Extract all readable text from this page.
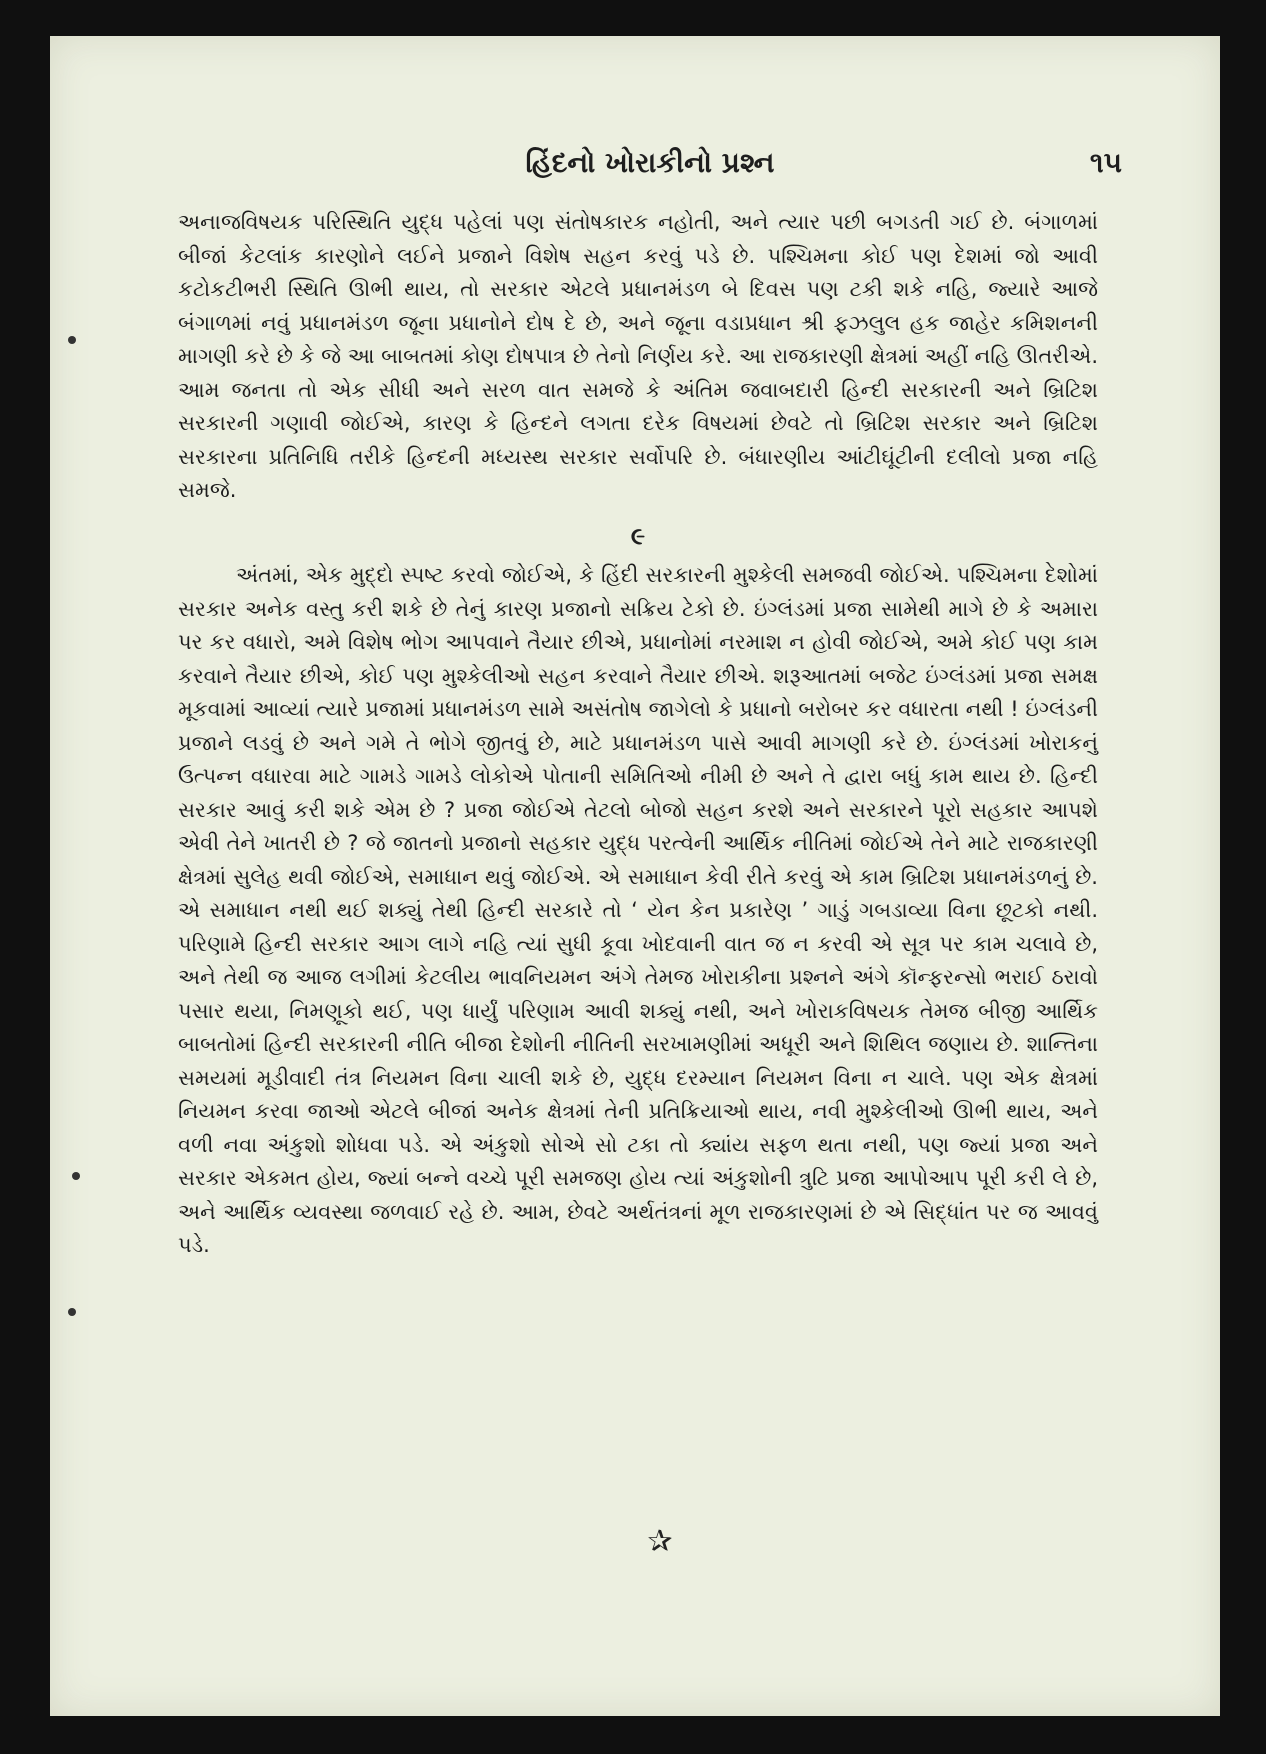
હિંદનો ખોરાકીનો પ્રશ્ન	૧૫

અનાજવિષયક પરિસ્થિતિ યુદ્ધ પહેલાં પણ સંતોષકારક નહોતી, અને ત્યાર પછી બગડતી ગઈ છે. બંગાળમાં બીજાં કેટલાંક કારણોને લઈને પ્રજાને વિશેષ સહન કરવું પડે છે. પશ્ચિમના કોઈ પણ દેશમાં જો આવી કટોકટીભરી સ્થિતિ ઊભી થાય, તો સરકાર એટલે પ્રધાનમંડળ બે દિવસ પણ ટકી શકે નહિ, જ્યારે આજે બંગાળમાં નવું પ્રધાનમંડળ જૂના પ્રધાનોને દોષ દે છે, અને જૂના વડાપ્રધાન શ્રી ફઝલુલ હક જાહેર કમિશનની માગણી કરે છે કે જે આ બાબતમાં કોણ દોષપાત્ર છે તેનો નિર્ણય કરે. આ રાજકારણી ક્ષેત્રમાં અહીં નહિ ઊતરીએ. આમ જનતા તો એક સીધી અને સરળ વાત સમજે કે અંતિમ જવાબદારી હિન્દી સરકારની અને બ્રિટિશ સરકારની ગણાવી જોઈએ, કારણ કે હિન્દને લગતા દરેક વિષયમાં છેવટે તો બ્રિટિશ સરકાર અને બ્રિટિશ સરકારના પ્રતિનિધિ તરીકે હિન્દની મધ્યસ્થ સરકાર સર્વોપરિ છે. બંધારણીય આંટીઘૂંટીની દલીલો પ્રજા નહિ સમજે.

૯

અંતમાં, એક મુદ્દો સ્પષ્ટ કરવો જોઈએ, કે હિંદી સરકારની મુશ્કેલી સમજવી જોઈએ. પશ્ચિમના દેશોમાં સરકાર અનેક વસ્તુ કરી શકે છે તેનું કારણ પ્રજાનો સક્રિય ટેકો છે. ઇંગ્લંડમાં પ્રજા સામેથી માગે છે કે અમારા પર કર વધારો, અમે વિશેષ ભોગ આપવાને તૈયાર છીએ, પ્રધાનોમાં નરમાશ ન હોવી જોઈએ, અમે કોઈ પણ કામ કરવાને તૈયાર છીએ, કોઈ પણ મુશ્કેલીઓ સહન કરવાને તૈયાર છીએ. શરૂઆતમાં બજેટ ઇંગ્લંડમાં પ્રજા સમક્ષ મૂકવામાં આવ્યાં ત્યારે પ્રજામાં પ્રધાનમંડળ સામે અસંતોષ જાગેલો કે પ્રધાનો બરોબર કર વધારતા નથી ! ઇંગ્લંડની પ્રજાને લડવું છે અને ગમે તે ભોગે જીતવું છે, માટે પ્રધાનમંડળ પાસે આવી માગણી કરે છે. ઇંગ્લંડમાં ખોરાકનું ઉત્પન્ન વધારવા માટે ગામડે ગામડે લોકોએ પોતાની સમિતિઓ નીમી છે અને તે દ્વારા બધું કામ થાય છે. હિન્દી સરકાર આવું કરી શકે એમ છે ? પ્રજા જોઈએ તેટલો બોજો સહન કરશે અને સરકારને પૂરો સહકાર આપશે એવી તેને ખાતરી છે ? જે જાતનો પ્રજાનો સહકાર યુદ્ધ પરત્વેની આર્થિક નીતિમાં જોઈએ તેને માટે રાજકારણી ક્ષેત્રમાં સુલેહ થવી જોઈએ, સમાધાન થવું જોઈએ. એ સમાધાન કેવી રીતે કરવું એ કામ બ્રિટિશ પ્રધાનમંડળનું છે. એ સમાધાન નથી થઈ શક્યું તેથી હિન્દી સરકારે તો ‘ યેન કેન પ્રકારેણ ’ ગાડું ગબડાવ્યા વિના છૂટકો નથી. પરિણામે હિન્દી સરકાર આગ લાગે નહિ ત્યાં સુધી કૂવા ખોદવાની વાત જ ન કરવી એ સૂત્ર પર કામ ચલાવે છે, અને તેથી જ આજ લગીમાં કેટલીય ભાવનિયમન અંગે તેમજ ખોરાકીના પ્રશ્નને અંગે કૉન્ફરન્સો ભરાઈ ઠરાવો પસાર થયા, નિમણૂકો થઈ, પણ ધાર્યું પરિણામ આવી શક્યું નથી, અને ખોરાકવિષયક તેમજ બીજી આર્થિક બાબતોમાં હિન્દી સરકારની નીતિ બીજા દેશોની નીતિની સરખામણીમાં અધૂરી અને શિથિલ જણાય છે. શાન્તિના સમયમાં મૂડીવાદી તંત્ર નિયમન વિના ચાલી શકે છે, યુદ્ધ દરમ્યાન નિયમન વિના ન ચાલે. પણ એક ક્ષેત્રમાં નિયમન કરવા જાઓ એટલે બીજાં અનેક ક્ષેત્રમાં તેની પ્રતિક્રિયાઓ થાય, નવી મુશ્કેલીઓ ઊભી થાય, અને વળી નવા અંકુશો શોધવા પડે. એ અંકુશો સોએ સો ટકા તો ક્યાંય સફળ થતા નથી, પણ જ્યાં પ્રજા અને સરકાર એકમત હોય, જ્યાં બન્ને વચ્ચે પૂરી સમજણ હોય ત્યાં અંકુશોની ત્રુટિ પ્રજા આપોઆપ પૂરી કરી લે છે, અને આર્થિક વ્યવસ્થા જળવાઈ રહે છે. આમ, છેવટે અર્થતંત્રનાં મૂળ રાજકારણમાં છે એ સિદ્ધાંત પર જ આવવું પડે.

✰
